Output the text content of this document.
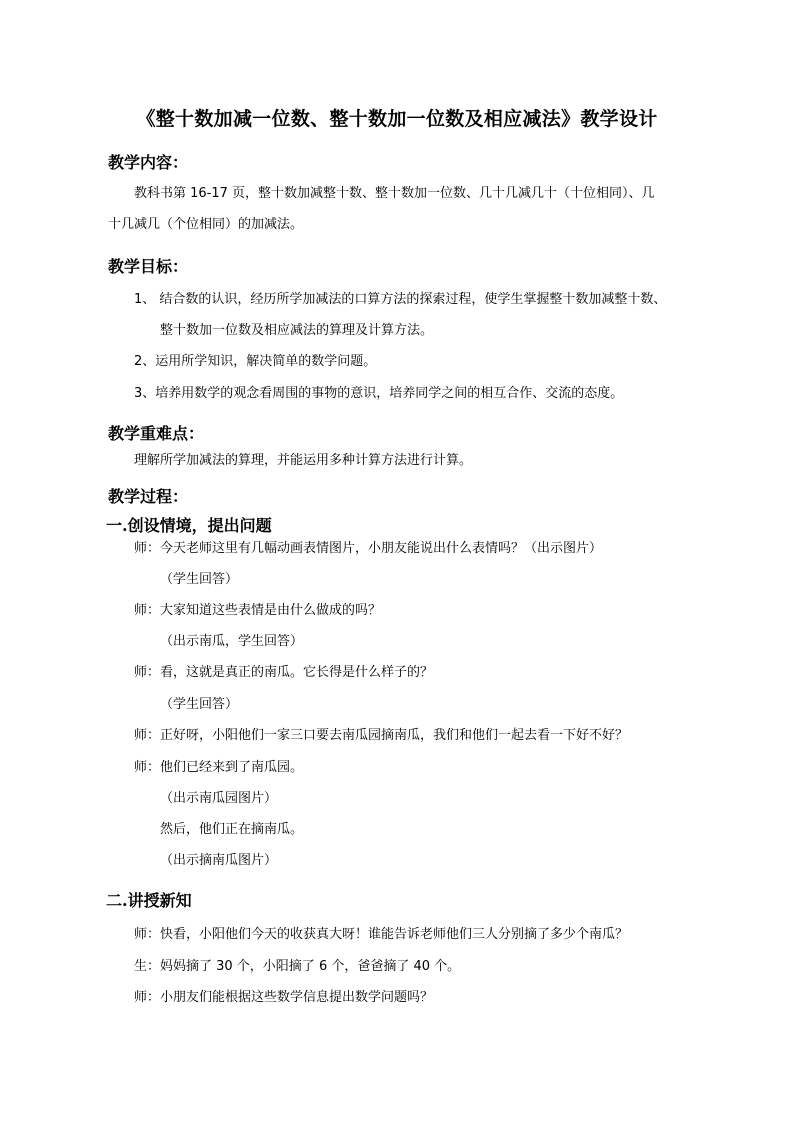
《整十数加减一位数、整十数加一位数及相应减法》教学设计
教学内容：
教科书第 16-17 页，整十数加减整十数、整十数加一位数、几十几减几十（十位相同）、几
十几减几（个位相同）的加减法。
教学目标：
1、 结合数的认识，经历所学加减法的口算方法的探索过程，使学生掌握整十数加减整十数、
整十数加一位数及相应减法的算理及计算方法。
2、运用所学知识，解决简单的数学问题。
3、培养用数学的观念看周围的事物的意识，培养同学之间的相互合作、交流的态度。
教学重难点：
理解所学加减法的算理，并能运用多种计算方法进行计算。
教学过程：
一.创设情境，提出问题
师：今天老师这里有几幅动画表情图片，小朋友能说出什么表情吗？（出示图片）
（学生回答）
师：大家知道这些表情是由什么做成的吗？
（出示南瓜，学生回答）
师：看，这就是真正的南瓜。它长得是什么样子的？
（学生回答）
师：正好呀，小阳他们一家三口要去南瓜园摘南瓜，我们和他们一起去看一下好不好？
师：他们已经来到了南瓜园。
（出示南瓜园图片）
然后，他们正在摘南瓜。
（出示摘南瓜图片）
二.讲授新知
师：快看，小阳他们今天的收获真大呀！谁能告诉老师他们三人分别摘了多少个南瓜？
生：妈妈摘了 30 个，小阳摘了 6 个，爸爸摘了 40 个。
师：小朋友们能根据这些数学信息提出数学问题吗？
